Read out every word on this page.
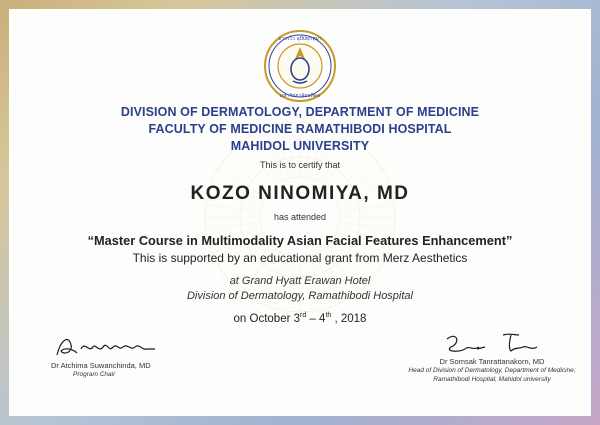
ถาวรไว อุปัปทุกทุมา
มหาวิทยาลัยมหิดล
DIVISION OF DERMATOLOGY, DEPARTMENT OF MEDICINE
FACULTY OF MEDICINE RAMATHIBODI HOSPITAL
MAHIDOL UNIVERSITY
This is to certify that
KOZO NINOMIYA, MD
has attended
“Master Course in Multimodality Asian Facial Features Enhancement”
This is supported by an educational grant from Merz Aesthetics
at Grand Hyatt Erawan Hotel
Division of Dermatology, Ramathibodi Hospital
on October 3rd – 4th , 2018
Dr Atchima Suwanchinda, MD
Program Chair
Dr Somsak Tanrattanakorn, MD
Head of Division of Dermatology, Department of Medicine,
Ramathibodi Hospital, Mahidol university
